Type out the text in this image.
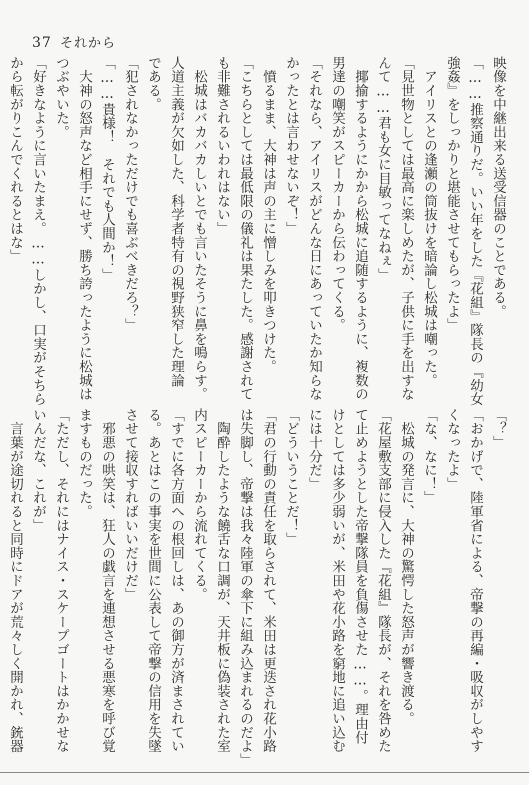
37 それから

映像を中継出来る送受信器のことである。

「……推察通りだ。いい年をした『花組』隊長の『幼女

強姦』をしっかりと堪能させてもらったよ」

　アイリスとの逢瀬の筒抜けを暗論し松城は嘲った。

「見世物としては最高に楽しめたが、子供に手を出すな

んて……君も女に目敏ってなねぇ」

　揶揄するようにかから松城に追随するように、複数の

男達の嘲笑がスピーカーから伝わってくる。

「それなら、アイリスがどんな日にあっていたか知らな

かったとは言わせないぞ！」

　憤るまま、大神は声の主に憎しみを叩きつけた。

「こちらとしては最低限の儀礼は果たした。感謝されて

も非難されるいわれはない」

　松城はバカバカしいとでも言いたそうに鼻を鳴らす。

人道主義が欠如した、科学者特有の視野狭窄した理論

である。

「犯されなかっただけでも喜ぶべきだろ？」

「……貴様！　それでも人間か！」

　大神の怒声など相手にせず、勝ち誇ったように松城は

つぶやいた。

「好きなように言いたまえ。……しかし、口実がそちら

から転がりこんでくれるとはな」

「？」

「おかげで、陸軍省による、帝撃の再編・吸収がしやす

くなったよ」

「な、なに！」

　松城の発言に、大神の驚愕した怒声が響き渡る。

「花屋敷支部に侵入した『花組』隊長が、それを咎めた

て止めようとした帝撃隊員を負傷させた……。理由付

けとしては多少弱いが、米田や花小路を窮地に追い込む

には十分だ」

「どういうことだ！」

「君の行動の責任を取らされて、米田は更迭され花小路

は失脚し、帝撃は我々陸軍の傘下に組み込まれるのだよ」

　陶酔したような饒舌な口調が、天井板に偽装された室

内スピーカーから流れてくる。

「すでに各方面への根回しは、あの御方が済まされてい

る。あとはこの事実を世間に公表して帝撃の信用を失墜

させて接収すればいいだけだ」

　邪悪の哄笑は、狂人の戯言を連想させる悪寒を呼び覚

ますものだった。

「ただし、それにはナイス・スケープゴートはかかせな

いんだな、これが」

　言葉が途切れると同時にドアが荒々しく開かれ、銃器
